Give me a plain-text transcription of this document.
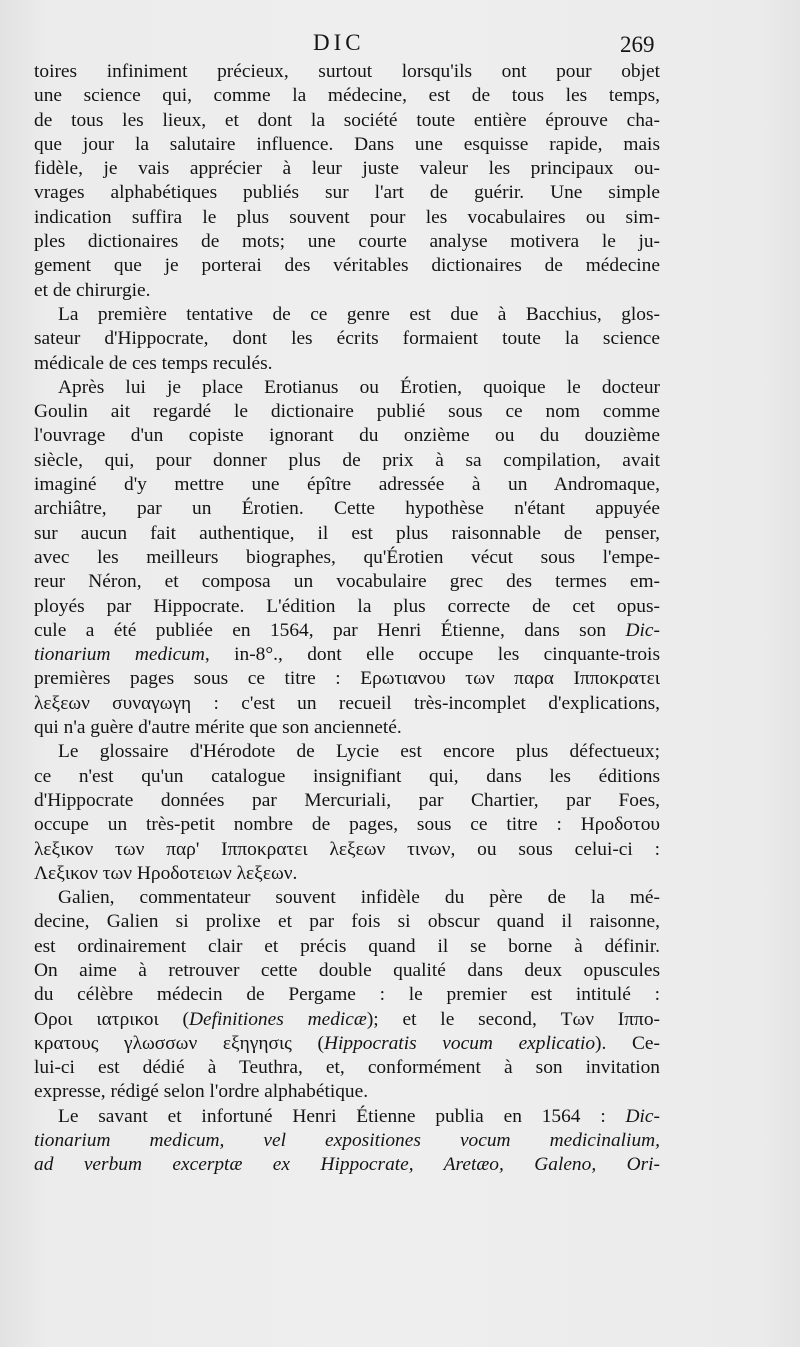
DIC	269
toires infiniment précieux, surtout lorsqu'ils ont pour objet
une science qui, comme la médecine, est de tous les temps,
de tous les lieux, et dont la société toute entière éprouve cha-
que jour la salutaire influence. Dans une esquisse rapide, mais
fidèle, je vais apprécier à leur juste valeur les principaux ou-
vrages alphabétiques publiés sur l'art de guérir. Une simple
indication suffira le plus souvent pour les vocabulaires ou sim-
ples dictionaires de mots; une courte analyse motivera le ju-
gement que je porterai des véritables dictionaires de médecine
et de chirurgie.
La première tentative de ce genre est due à Bacchius, glos-
sateur d'Hippocrate, dont les écrits formaient toute la science
médicale de ces temps reculés.
Après lui je place Erotianus ou Érotien, quoique le docteur
Goulin ait regardé le dictionaire publié sous ce nom comme
l'ouvrage d'un copiste ignorant du onzième ou du douzième
siècle, qui, pour donner plus de prix à sa compilation, avait
imaginé d'y mettre une épître adressée à un Andromaque,
archiâtre, par un Érotien. Cette hypothèse n'étant appuyée
sur aucun fait authentique, il est plus raisonnable de penser,
avec les meilleurs biographes, qu'Érotien vécut sous l'empe-
reur Néron, et composa un vocabulaire grec des termes em-
ployés par Hippocrate. L'édition la plus correcte de cet opus-
cule a été publiée en 1564, par Henri Étienne, dans son Dic-
tionarium medicum, in-8°., dont elle occupe les cinquante-trois
premières pages sous ce titre : Ερωτιανου των παρα Ιπποκρατει
λεξεων συναγωγη : c'est un recueil très-incomplet d'explications,
qui n'a guère d'autre mérite que son ancienneté.
Le glossaire d'Hérodote de Lycie est encore plus défectueux;
ce n'est qu'un catalogue insignifiant qui, dans les éditions
d'Hippocrate données par Mercuriali, par Chartier, par Foes,
occupe un très-petit nombre de pages, sous ce titre : Ηροδοτου
λεξικον των παρ' Ιπποκρατει λεξεων τινων, ou sous celui-ci :
Λεξικον των Ηροδοτειων λεξεων.
Galien, commentateur souvent infidèle du père de la mé-
decine, Galien si prolixe et par fois si obscur quand il raisonne,
est ordinairement clair et précis quand il se borne à définir.
On aime à retrouver cette double qualité dans deux opuscules
du célèbre médecin de Pergame : le premier est intitulé :
Οροι ιατρικοι (Definitiones medicæ); et le second, Των Ιππο-
κρατους γλωσσων εξηγησις (Hippocratis vocum explicatio). Ce-
lui-ci est dédié à Teuthra, et, conformément à son invitation
expresse, rédigé selon l'ordre alphabétique.
Le savant et infortuné Henri Étienne publia en 1564 : Dic-
tionarium medicum, vel expositiones vocum medicinalium,
ad verbum excerptæ ex Hippocrate, Aretæo, Galeno, Ori-
